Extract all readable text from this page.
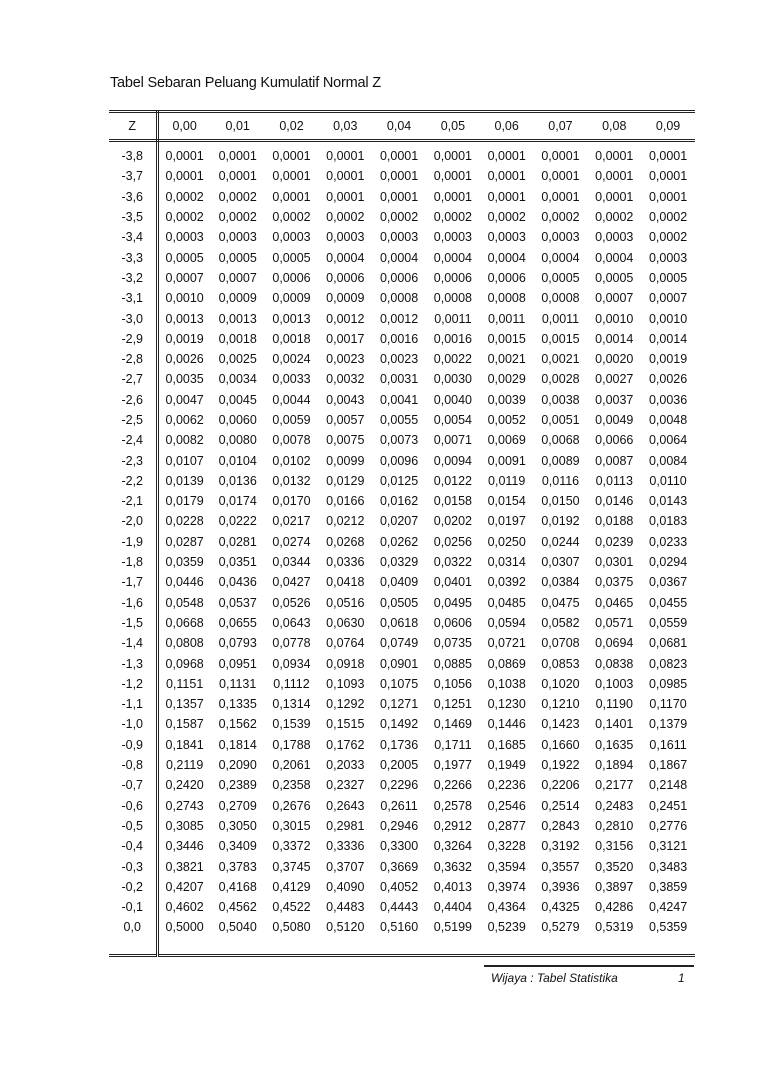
Tabel Sebaran Peluang Kumulatif Normal Z
Z	0,00	0,01	0,02	0,03	0,04	0,05	0,06	0,07	0,08	0,09
-3,8	0,0001	0,0001	0,0001	0,0001	0,0001	0,0001	0,0001	0,0001	0,0001	0,0001
-3,7	0,0001	0,0001	0,0001	0,0001	0,0001	0,0001	0,0001	0,0001	0,0001	0,0001
-3,6	0,0002	0,0002	0,0001	0,0001	0,0001	0,0001	0,0001	0,0001	0,0001	0,0001
-3,5	0,0002	0,0002	0,0002	0,0002	0,0002	0,0002	0,0002	0,0002	0,0002	0,0002
-3,4	0,0003	0,0003	0,0003	0,0003	0,0003	0,0003	0,0003	0,0003	0,0003	0,0002
-3,3	0,0005	0,0005	0,0005	0,0004	0,0004	0,0004	0,0004	0,0004	0,0004	0,0003
-3,2	0,0007	0,0007	0,0006	0,0006	0,0006	0,0006	0,0006	0,0005	0,0005	0,0005
-3,1	0,0010	0,0009	0,0009	0,0009	0,0008	0,0008	0,0008	0,0008	0,0007	0,0007
-3,0	0,0013	0,0013	0,0013	0,0012	0,0012	0,0011	0,0011	0,0011	0,0010	0,0010
-2,9	0,0019	0,0018	0,0018	0,0017	0,0016	0,0016	0,0015	0,0015	0,0014	0,0014
-2,8	0,0026	0,0025	0,0024	0,0023	0,0023	0,0022	0,0021	0,0021	0,0020	0,0019
-2,7	0,0035	0,0034	0,0033	0,0032	0,0031	0,0030	0,0029	0,0028	0,0027	0,0026
-2,6	0,0047	0,0045	0,0044	0,0043	0,0041	0,0040	0,0039	0,0038	0,0037	0,0036
-2,5	0,0062	0,0060	0,0059	0,0057	0,0055	0,0054	0,0052	0,0051	0,0049	0,0048
-2,4	0,0082	0,0080	0,0078	0,0075	0,0073	0,0071	0,0069	0,0068	0,0066	0,0064
-2,3	0,0107	0,0104	0,0102	0,0099	0,0096	0,0094	0,0091	0,0089	0,0087	0,0084
-2,2	0,0139	0,0136	0,0132	0,0129	0,0125	0,0122	0,0119	0,0116	0,0113	0,0110
-2,1	0,0179	0,0174	0,0170	0,0166	0,0162	0,0158	0,0154	0,0150	0,0146	0,0143
-2,0	0,0228	0,0222	0,0217	0,0212	0,0207	0,0202	0,0197	0,0192	0,0188	0,0183
-1,9	0,0287	0,0281	0,0274	0,0268	0,0262	0,0256	0,0250	0,0244	0,0239	0,0233
-1,8	0,0359	0,0351	0,0344	0,0336	0,0329	0,0322	0,0314	0,0307	0,0301	0,0294
-1,7	0,0446	0,0436	0,0427	0,0418	0,0409	0,0401	0,0392	0,0384	0,0375	0,0367
-1,6	0,0548	0,0537	0,0526	0,0516	0,0505	0,0495	0,0485	0,0475	0,0465	0,0455
-1,5	0,0668	0,0655	0,0643	0,0630	0,0618	0,0606	0,0594	0,0582	0,0571	0,0559
-1,4	0,0808	0,0793	0,0778	0,0764	0,0749	0,0735	0,0721	0,0708	0,0694	0,0681
-1,3	0,0968	0,0951	0,0934	0,0918	0,0901	0,0885	0,0869	0,0853	0,0838	0,0823
-1,2	0,1151	0,1131	0,1112	0,1093	0,1075	0,1056	0,1038	0,1020	0,1003	0,0985
-1,1	0,1357	0,1335	0,1314	0,1292	0,1271	0,1251	0,1230	0,1210	0,1190	0,1170
-1,0	0,1587	0,1562	0,1539	0,1515	0,1492	0,1469	0,1446	0,1423	0,1401	0,1379
-0,9	0,1841	0,1814	0,1788	0,1762	0,1736	0,1711	0,1685	0,1660	0,1635	0,1611
-0,8	0,2119	0,2090	0,2061	0,2033	0,2005	0,1977	0,1949	0,1922	0,1894	0,1867
-0,7	0,2420	0,2389	0,2358	0,2327	0,2296	0,2266	0,2236	0,2206	0,2177	0,2148
-0,6	0,2743	0,2709	0,2676	0,2643	0,2611	0,2578	0,2546	0,2514	0,2483	0,2451
-0,5	0,3085	0,3050	0,3015	0,2981	0,2946	0,2912	0,2877	0,2843	0,2810	0,2776
-0,4	0,3446	0,3409	0,3372	0,3336	0,3300	0,3264	0,3228	0,3192	0,3156	0,3121
-0,3	0,3821	0,3783	0,3745	0,3707	0,3669	0,3632	0,3594	0,3557	0,3520	0,3483
-0,2	0,4207	0,4168	0,4129	0,4090	0,4052	0,4013	0,3974	0,3936	0,3897	0,3859
-0,1	0,4602	0,4562	0,4522	0,4483	0,4443	0,4404	0,4364	0,4325	0,4286	0,4247
0,0	0,5000	0,5040	0,5080	0,5120	0,5160	0,5199	0,5239	0,5279	0,5319	0,5359

Wijaya : Tabel Statistika	1
